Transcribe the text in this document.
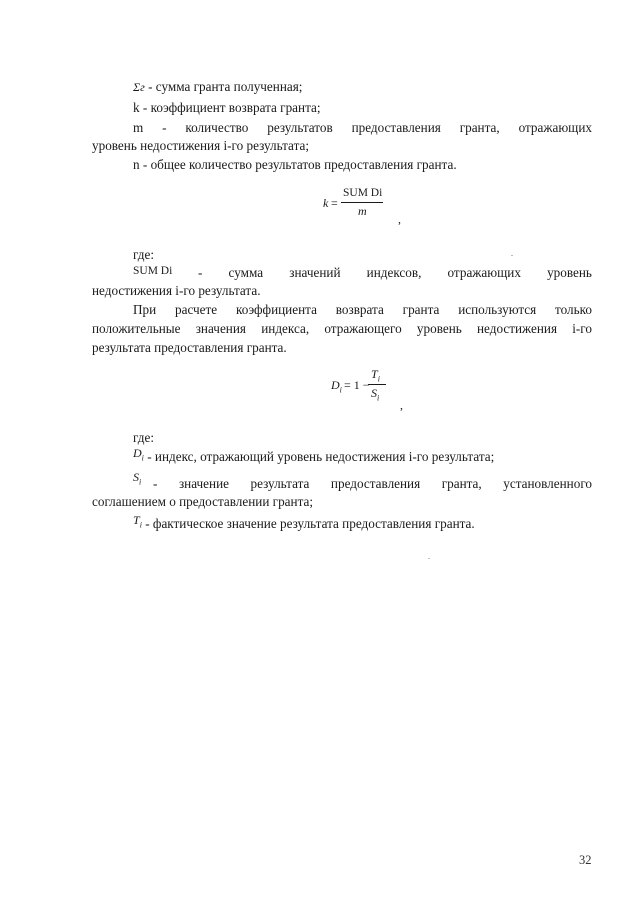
Σг - сумма гранта полученная;
k - коэффициент возврата гранта;
m - количество результатов предоставления гранта, отражающих
уровень недостижения i-го результата;
n - общее количество результатов предоставления гранта.
k =
SUM Di
m
,
где:
SUM Di - сумма значений индексов, отражающих уровень
недостижения i-го результата.
При расчете коэффициента возврата гранта используются только
положительные значения индекса, отражающего уровень недостижения i-го
результата предоставления гранта.
$D_i = 1$ −
$T_i$
$S_i$
,
где:
$D_i$ - индекс, отражающий уровень недостижения i-го результата;
$S_i$ - значение результата предоставления гранта, установленного
соглашением о предоставлении гранта;
$T_i$ - фактическое значение результата предоставления гранта.
32
